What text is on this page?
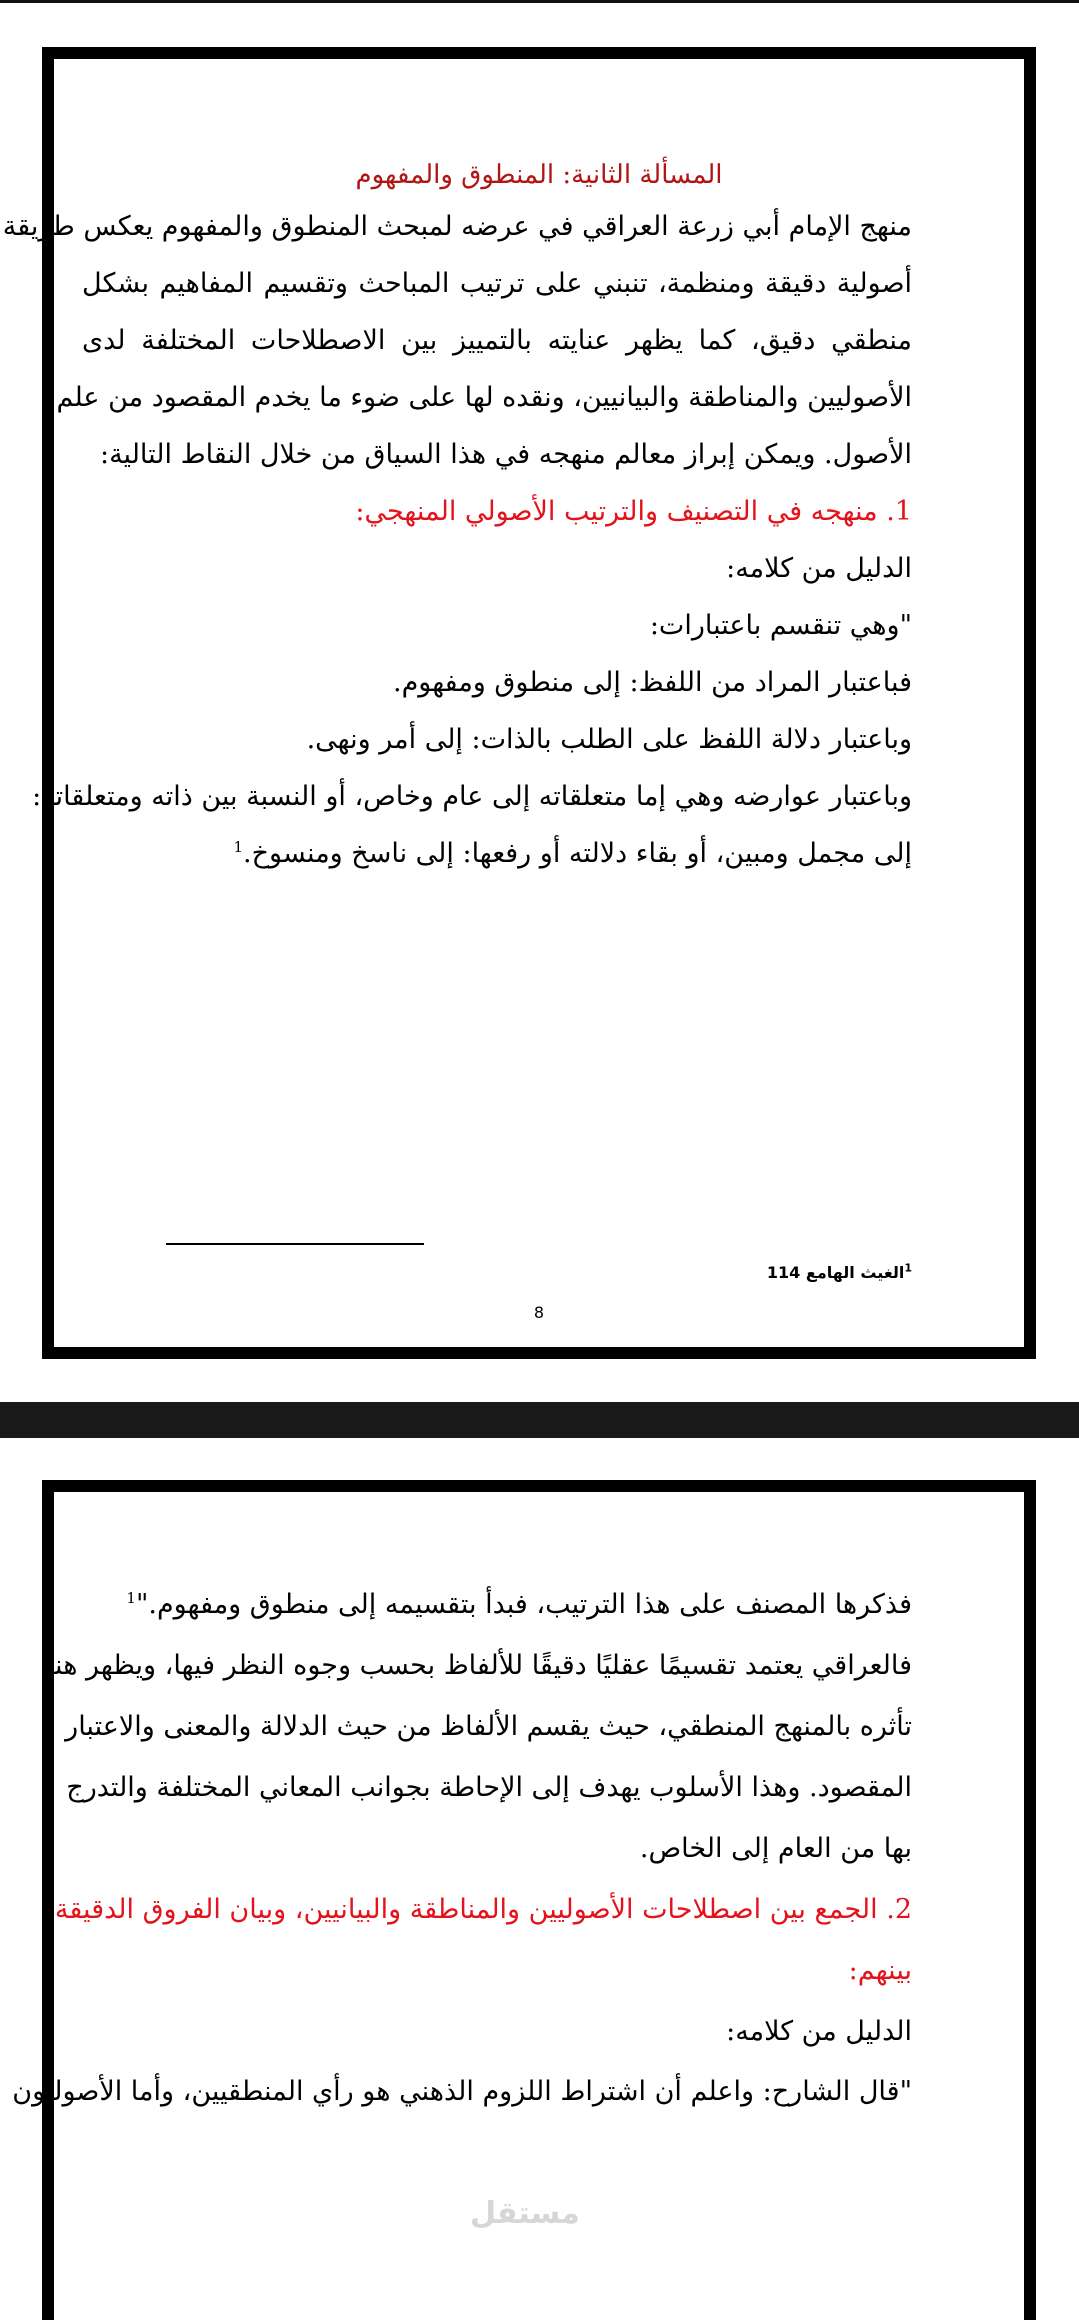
المسألة الثانية: المنطوق والمفهوم
منهج الإمام أبي زرعة العراقي في عرضه لمبحث المنطوق والمفهوم يعكس طريقة
أصولية دقيقة ومنظمة، تنبني على ترتيب المباحث وتقسيم المفاهيم بشكل
منطقي دقيق، كما يظهر عنايته بالتمييز بين الاصطلاحات المختلفة لدى
الأصوليين والمناطقة والبيانيين، ونقده لها على ضوء ما يخدم المقصود من علم
الأصول. ويمكن إبراز معالم منهجه في هذا السياق من خلال النقاط التالية:
1. منهجه في التصنيف والترتيب الأصولي المنهجي:
الدليل من كلامه:
"وهي تنقسم باعتبارات:
فباعتبار المراد من اللفظ: إلى منطوق ومفهوم.
وباعتبار دلالة اللفظ على الطلب بالذات: إلى أمر ونهى.
وباعتبار عوارضه وهي إما متعلقاته إلى عام وخاص، أو النسبة بين ذاته ومتعلقاته:
إلى مجمل ومبين، أو بقاء دلالته أو رفعها: إلى ناسخ ومنسوخ.$^1$
$^1$الغيث الهامع 114
8
فذكرها المصنف على هذا الترتيب، فبدأ بتقسيمه إلى منطوق ومفهوم."$^1$
فالعراقي يعتمد تقسيمًا عقليًا دقيقًا للألفاظ بحسب وجوه النظر فيها، ويظهر هنا
تأثره بالمنهج المنطقي، حيث يقسم الألفاظ من حيث الدلالة والمعنى والاعتبار
المقصود. وهذا الأسلوب يهدف إلى الإحاطة بجوانب المعاني المختلفة والتدرج
بها من العام إلى الخاص.
2. الجمع بين اصطلاحات الأصوليين والمناطقة والبيانيين، وبيان الفروق الدقيقة
بينهم:
الدليل من كلامه:
"قال الشارح: واعلم أن اشتراط اللزوم الذهني هو رأي المنطقيين، وأما الأصوليون
مستقل
